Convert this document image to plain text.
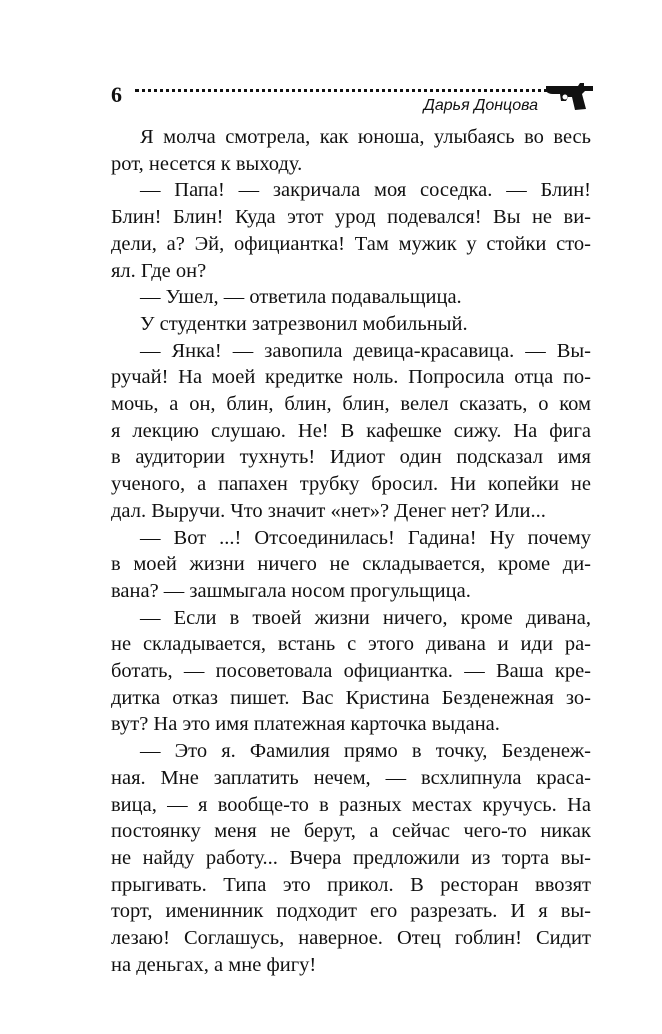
6	Дарья Донцова
Я молча смотрела, как юноша, улыбаясь во весь
рот, несется к выходу.
— Папа! — закричала моя соседка. — Блин!
Блин! Блин! Куда этот урод подевался! Вы не ви-
дели, а? Эй, официантка! Там мужик у стойки сто-
ял. Где он?
— Ушел, — ответила подавальщица.
У студентки затрезвонил мобильный.
— Янка! — завопила девица-красавица. — Вы-
ручай! На моей кредитке ноль. Попросила отца по-
мочь, а он, блин, блин, блин, велел сказать, о ком
я лекцию слушаю. Не! В кафешке сижу. На фига
в аудитории тухнуть! Идиот один подсказал имя
ученого, а папахен трубку бросил. Ни копейки не
дал. Выручи. Что значит «нет»? Денег нет? Или...
— Вот ...! Отсоединилась! Гадина! Ну почему
в моей жизни ничего не складывается, кроме ди-
вана? — зашмыгала носом прогульщица.
— Если в твоей жизни ничего, кроме дивана,
не складывается, встань с этого дивана и иди ра-
ботать, — посоветовала официантка. — Ваша кре-
дитка отказ пишет. Вас Кристина Безденежная зо-
вут? На это имя платежная карточка выдана.
— Это я. Фамилия прямо в точку, Безденеж-
ная. Мне заплатить нечем, — всхлипнула краса-
вица, — я вообще-то в разных местах кручусь. На
постоянку меня не берут, а сейчас чего-то никак
не найду работу... Вчера предложили из торта вы-
прыгивать. Типа это прикол. В ресторан ввозят
торт, именинник подходит его разрезать. И я вы-
лезаю! Соглашусь, наверное. Отец гоблин! Сидит
на деньгах, а мне фигу!
